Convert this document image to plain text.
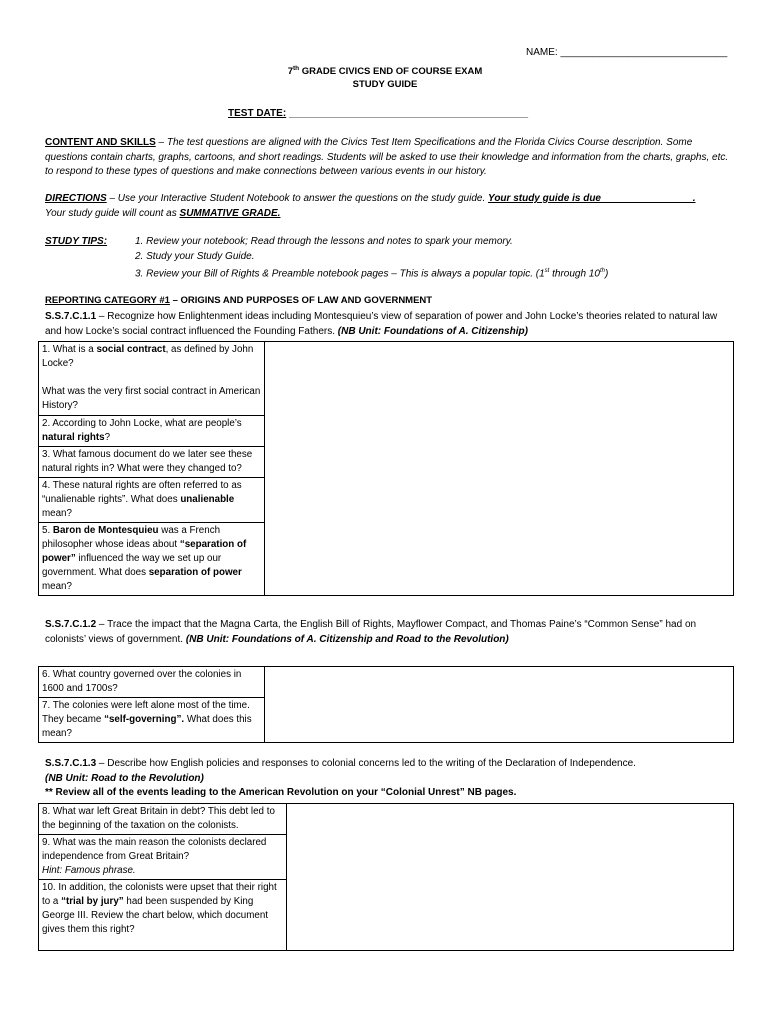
NAME: ______________________________
7th GRADE CIVICS END OF COURSE EXAM
STUDY GUIDE
TEST DATE: ___________________________________________
CONTENT AND SKILLS – The test questions are aligned with the Civics Test Item Specifications and the Florida Civics Course description. Some questions contain charts, graphs, cartoons, and short readings. Students will be asked to use their knowledge and information from the charts, graphs, etc. to respond to these types of questions and make connections between various events in our history.
DIRECTIONS – Use your Interactive Student Notebook to answer the questions on the study guide. Your study guide is due ________________.
Your study guide will count as SUMMATIVE GRADE.
STUDY TIPS:	1. Review your notebook; Read through the lessons and notes to spark your memory.
2. Study your Study Guide.
3. Review your Bill of Rights & Preamble notebook pages – This is always a popular topic. (1st through 10th)
REPORTING CATEGORY #1 – ORIGINS AND PURPOSES OF LAW AND GOVERNMENT
S.S.7.C.1.1 – Recognize how Enlightenment ideas including Montesquieu’s view of separation of power and John Locke’s theories related to natural law and how Locke’s social contract influenced the Founding Fathers. (NB Unit: Foundations of A. Citizenship)
1. What is a social contract, as defined by John Locke?
What was the very first social contract in American History?	
2. According to John Locke, what are people’s natural rights?
3. What famous document do we later see these natural rights in? What were they changed to?
4. These natural rights are often referred to as “unalienable rights”. What does unalienable mean?
5. Baron de Montesquieu was a French philosopher whose ideas about “separation of power” influenced the way we set up our government. What does separation of power mean?
S.S.7.C.1.2 – Trace the impact that the Magna Carta, the English Bill of Rights, Mayflower Compact, and Thomas Paine’s “Common Sense” had on colonists’ views of government. (NB Unit: Foundations of A. Citizenship and Road to the Revolution)
6. What country governed over the colonies in 1600 and 1700s?	
7. The colonies were left alone most of the time. They became “self-governing”. What does this mean?
S.S.7.C.1.3 – Describe how English policies and responses to colonial concerns led to the writing of the Declaration of Independence.
(NB Unit: Road to the Revolution)
** Review all of the events leading to the American Revolution on your “Colonial Unrest” NB pages.
8. What war left Great Britain in debt? This debt led to the beginning of the taxation on the colonists.	
9. What was the main reason the colonists declared independence from Great Britain?
Hint: Famous phrase.
10. In addition, the colonists were upset that their right to a “trial by jury” had been suspended by King George III. Review the chart below, which document gives them this right?
